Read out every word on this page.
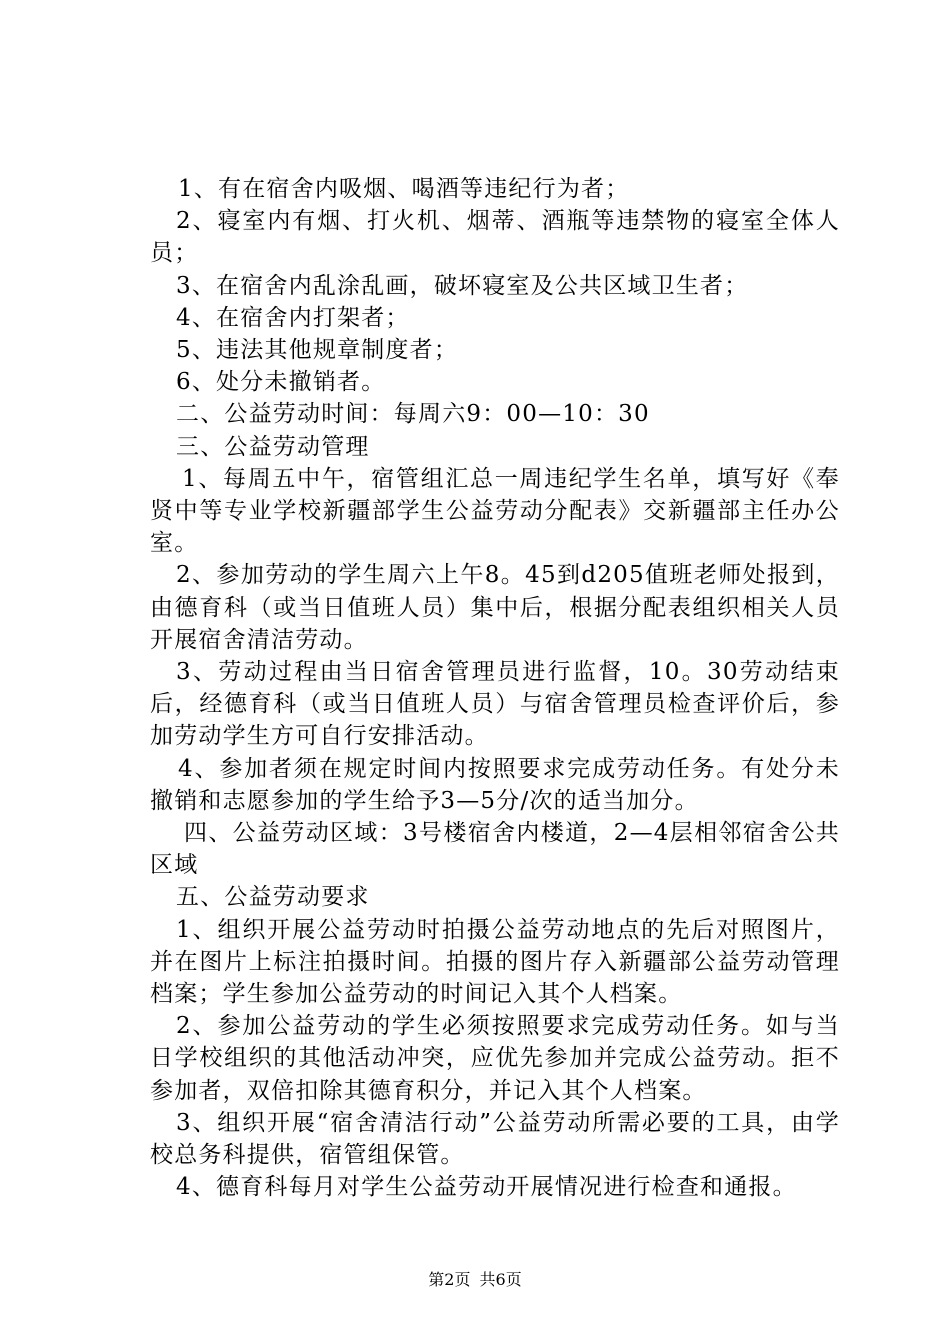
1、有在宿舍内吸烟、喝酒等违纪行为者；

2、寝室内有烟、打火机、烟蒂、酒瓶等违禁物的寝室全体人员；

3、在宿舍内乱涂乱画，破坏寝室及公共区域卫生者；

4、在宿舍内打架者；

5、违法其他规章制度者；

6、处分未撤销者。

二、公益劳动时间：每周六9：00—10：30

三、公益劳动管理

1、每周五中午，宿管组汇总一周违纪学生名单，填写好《奉贤中等专业学校新疆部学生公益劳动分配表》交新疆部主任办公室。

2、参加劳动的学生周六上午8。45到d205值班老师处报到，由德育科（或当日值班人员）集中后，根据分配表组织相关人员开展宿舍清洁劳动。

3、劳动过程由当日宿舍管理员进行监督，10。30劳动结束后，经德育科（或当日值班人员）与宿舍管理员检查评价后，参加劳动学生方可自行安排活动。

4、参加者须在规定时间内按照要求完成劳动任务。有处分未撤销和志愿参加的学生给予3—5分/次的适当加分。

四、公益劳动区域：3号楼宿舍内楼道，2—4层相邻宿舍公共区域

五、公益劳动要求

1、组织开展公益劳动时拍摄公益劳动地点的先后对照图片，并在图片上标注拍摄时间。拍摄的图片存入新疆部公益劳动管理档案；学生参加公益劳动的时间记入其个人档案。

2、参加公益劳动的学生必须按照要求完成劳动任务。如与当日学校组织的其他活动冲突，应优先参加并完成公益劳动。拒不参加者，双倍扣除其德育积分，并记入其个人档案。

3、组织开展“宿舍清洁行动”公益劳动所需必要的工具，由学校总务科提供，宿管组保管。

4、德育科每月对学生公益劳动开展情况进行检查和通报。

第2页 共6页
